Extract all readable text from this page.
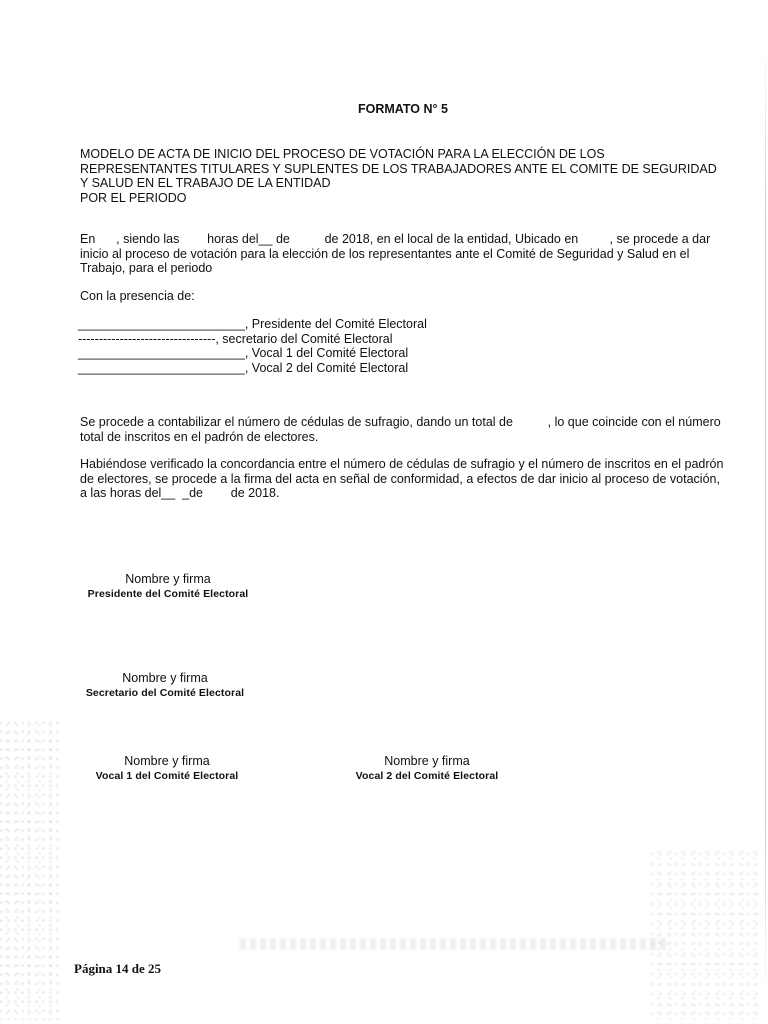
FORMATO N° 5
MODELO DE ACTA DE INICIO DEL PROCESO DE VOTACIÓN PARA LA ELECCIÓN DE LOS
REPRESENTANTES TITULARES Y SUPLENTES DE LOS TRABAJADORES ANTE EL COMITE DE SEGURIDAD
Y SALUD EN EL TRABAJO DE LA ENTIDAD
POR EL PERIODO
En      , siendo las        horas del__ de          de 2018, en el local de la entidad, Ubicado en         , se procede a dar
inicio al proceso de votación para la elección de los representantes ante el Comité de Seguridad y Salud en el
Trabajo, para el periodo
Con la presencia de:
________________________, Presidente del Comité Electoral
---------------------------------, secretario del Comité Electoral
________________________, Vocal 1 del Comité Electoral
________________________, Vocal 2 del Comité Electoral
Se procede a contabilizar el número de cédulas de sufragio, dando un total de          , lo que coincide con el número
total de inscritos en el padrón de electores.
Habiéndose verificado la concordancia entre el número de cédulas de sufragio y el número de inscritos en el padrón
de electores, se procede a la firma del acta en señal de conformidad, a efectos de dar inicio al proceso de votación,
a las horas del__  _de        de 2018.
Nombre y firma
Presidente del Comité Electoral
Nombre y firma
Secretario del Comité Electoral
Nombre y firma
Vocal 1 del Comité Electoral
Nombre y firma
Vocal 2 del Comité Electoral
Página 14 de 25
